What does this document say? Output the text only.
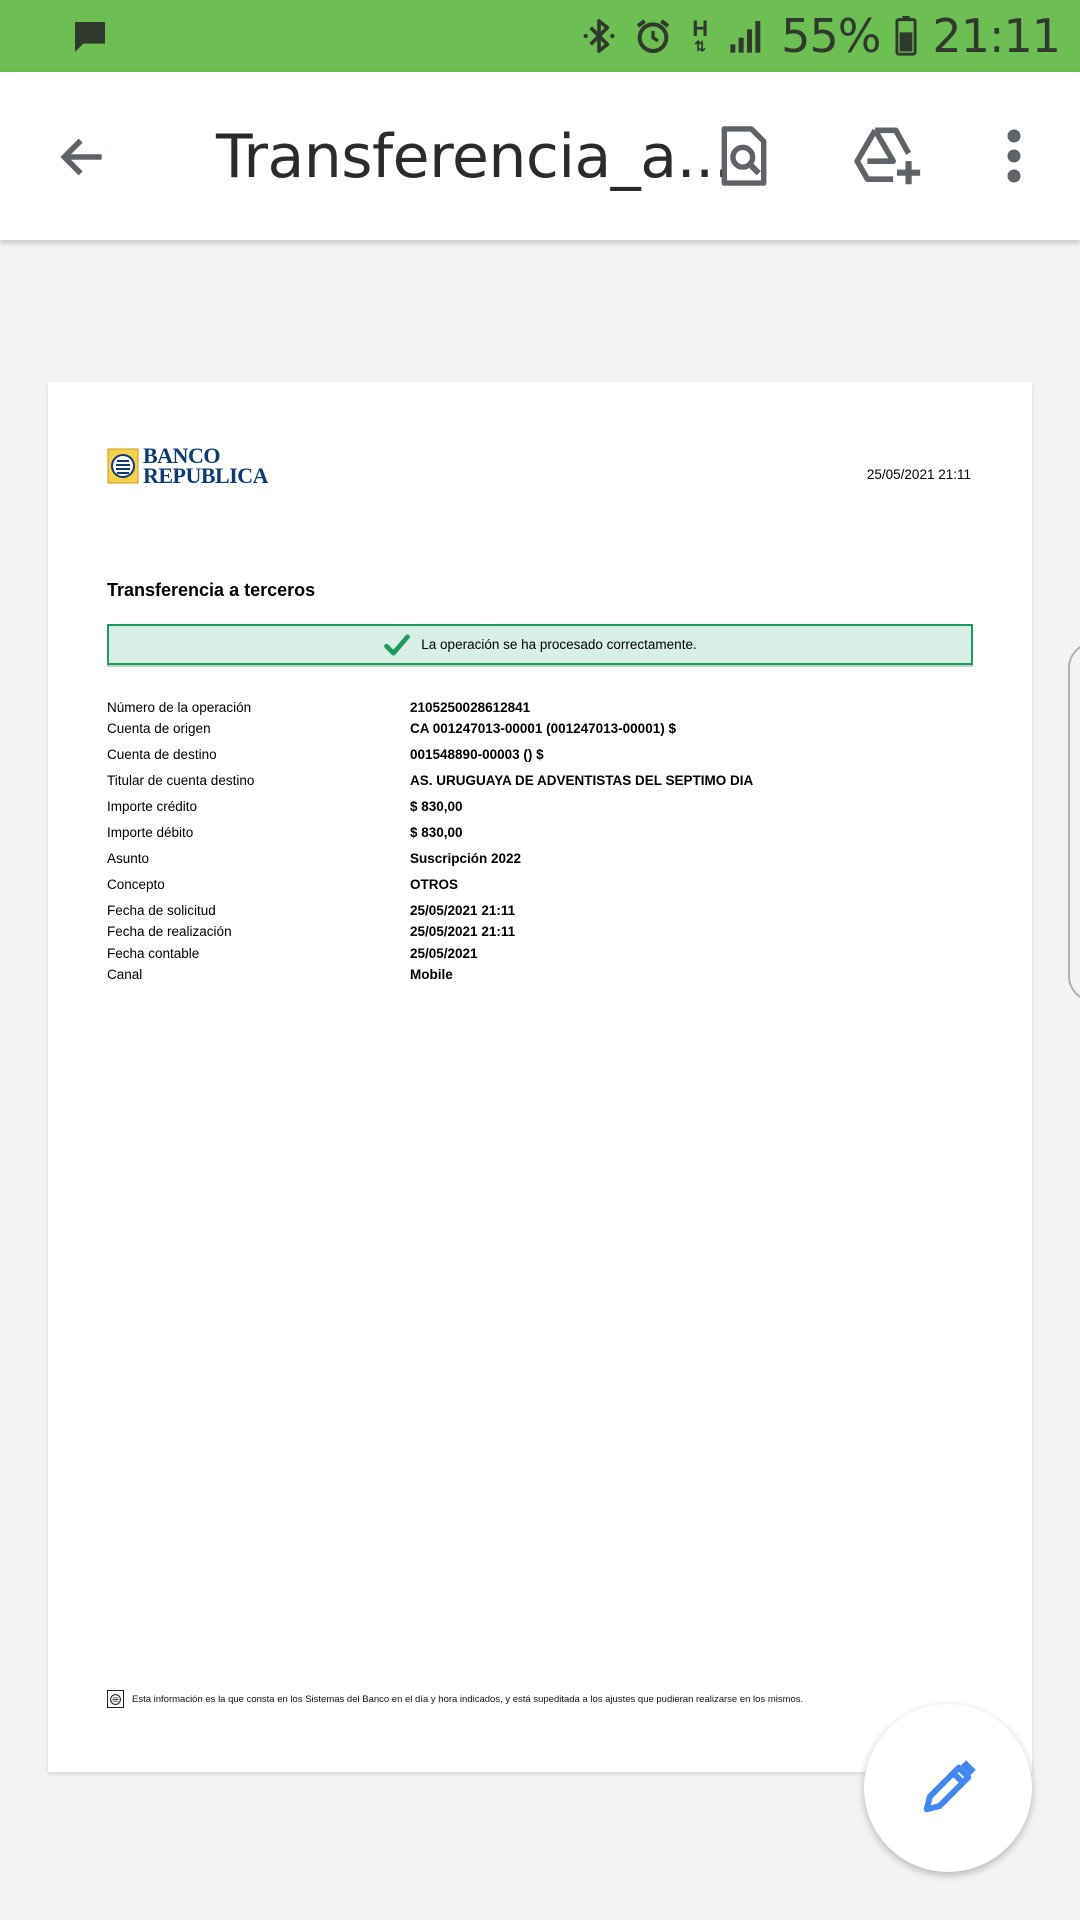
H
⇅ 55% 21:11
Transferencia_a...
BANCO
REPUBLICA	25/05/2021 21:11
Transferencia a terceros
La operación se ha procesado correctamente.
Número de la operación	2105250028612841
Cuenta de origen	CA 001247013-00001 (001247013-00001) $
Cuenta de destino	001548890-00003 () $
Titular de cuenta destino	AS. URUGUAYA DE ADVENTISTAS DEL SEPTIMO DIA
Importe crédito	$ 830,00
Importe débito	$ 830,00
Asunto	Suscripción 2022
Concepto	OTROS
Fecha de solicitud	25/05/2021 21:11
Fecha de realización	25/05/2021 21:11
Fecha contable	25/05/2021
Canal	Mobile
Esta información es la que consta en los Sistemas del Banco en el día y hora indicados, y está supeditada a los ajustes que pudieran realizarse en los mismos.
